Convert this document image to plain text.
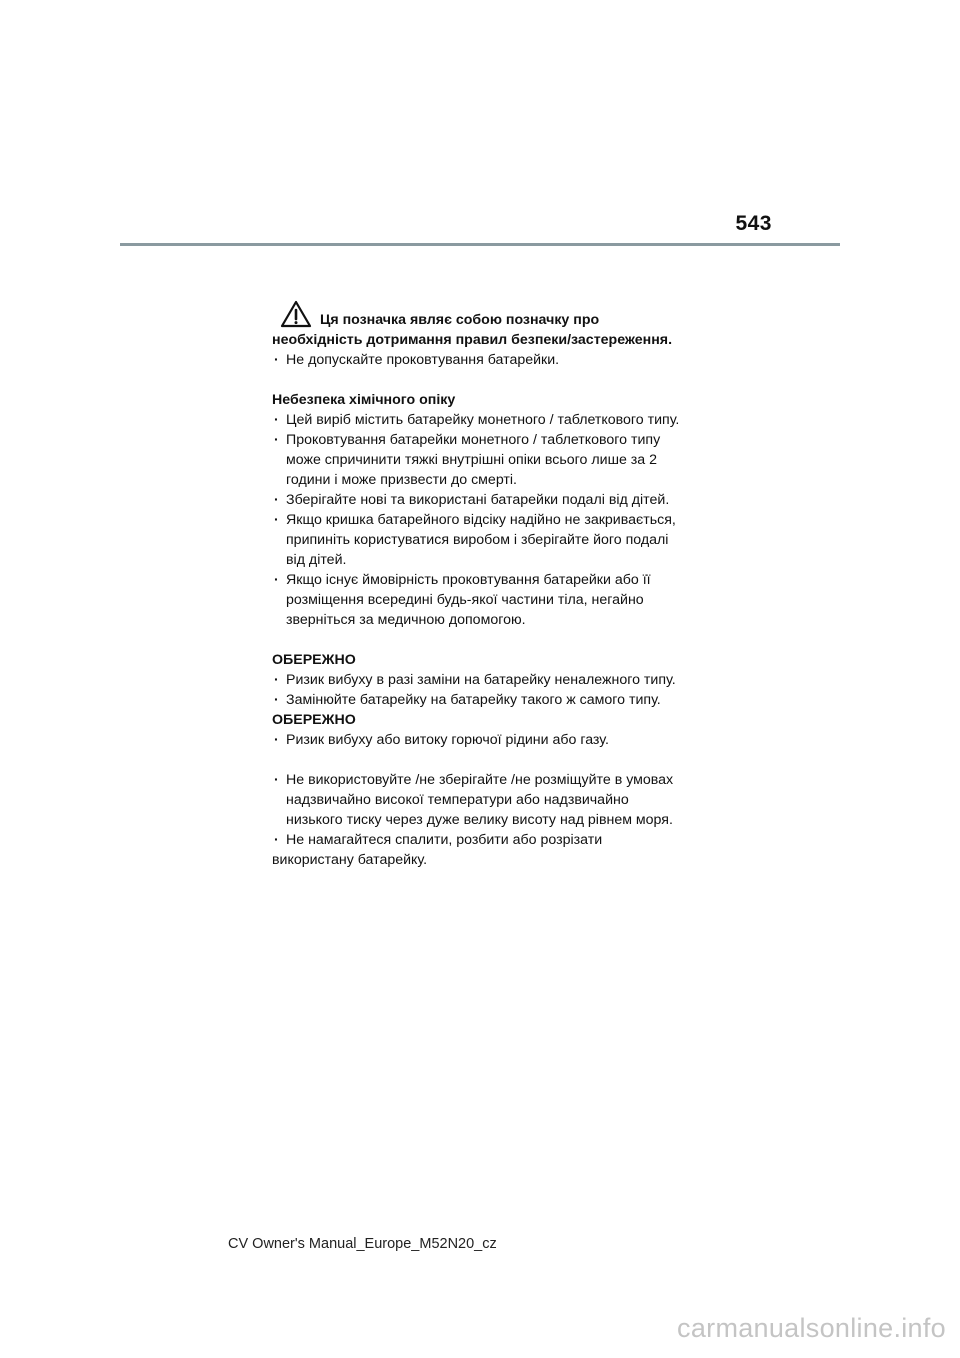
543
Ця позначка являє собою позначку про
необхідність дотримання правил безпеки/застереження.
· Не допускайте проковтування батарейки.
Небезпека хімічного опіку
· Цей виріб містить батарейку монетного / таблеткового типу.
· Проковтування батарейки монетного / таблеткового типу
може спричинити тяжкі внутрішні опіки всього лише за 2
години і може призвести до смерті.
· Зберігайте нові та використані батарейки подалі від дітей.
· Якщо кришка батарейного відсіку надійно не закривається,
припиніть користуватися виробом і зберігайте його подалі
від дітей.
· Якщо існує ймовірність проковтування батарейки або її
розміщення всередині будь-якої частини тіла, негайно
зверніться за медичною допомогою.
ОБЕРЕЖНО
· Ризик вибуху в разі заміни на батарейку неналежного типу.
· Замінюйте батарейку на батарейку такого ж самого типу.
ОБЕРЕЖНО
· Ризик вибуху або витоку горючої рідини або газу.
· Не використовуйте /не зберігайте /не розміщуйте в умовах
надзвичайно високої температури або надзвичайно
низького тиску через дуже велику висоту над рівнем моря.
· Не намагайтеся спалити, розбити або розрізати
використану батарейку.
CV Owner's Manual_Europe_M52N20_cz
carmanualsonline.info
